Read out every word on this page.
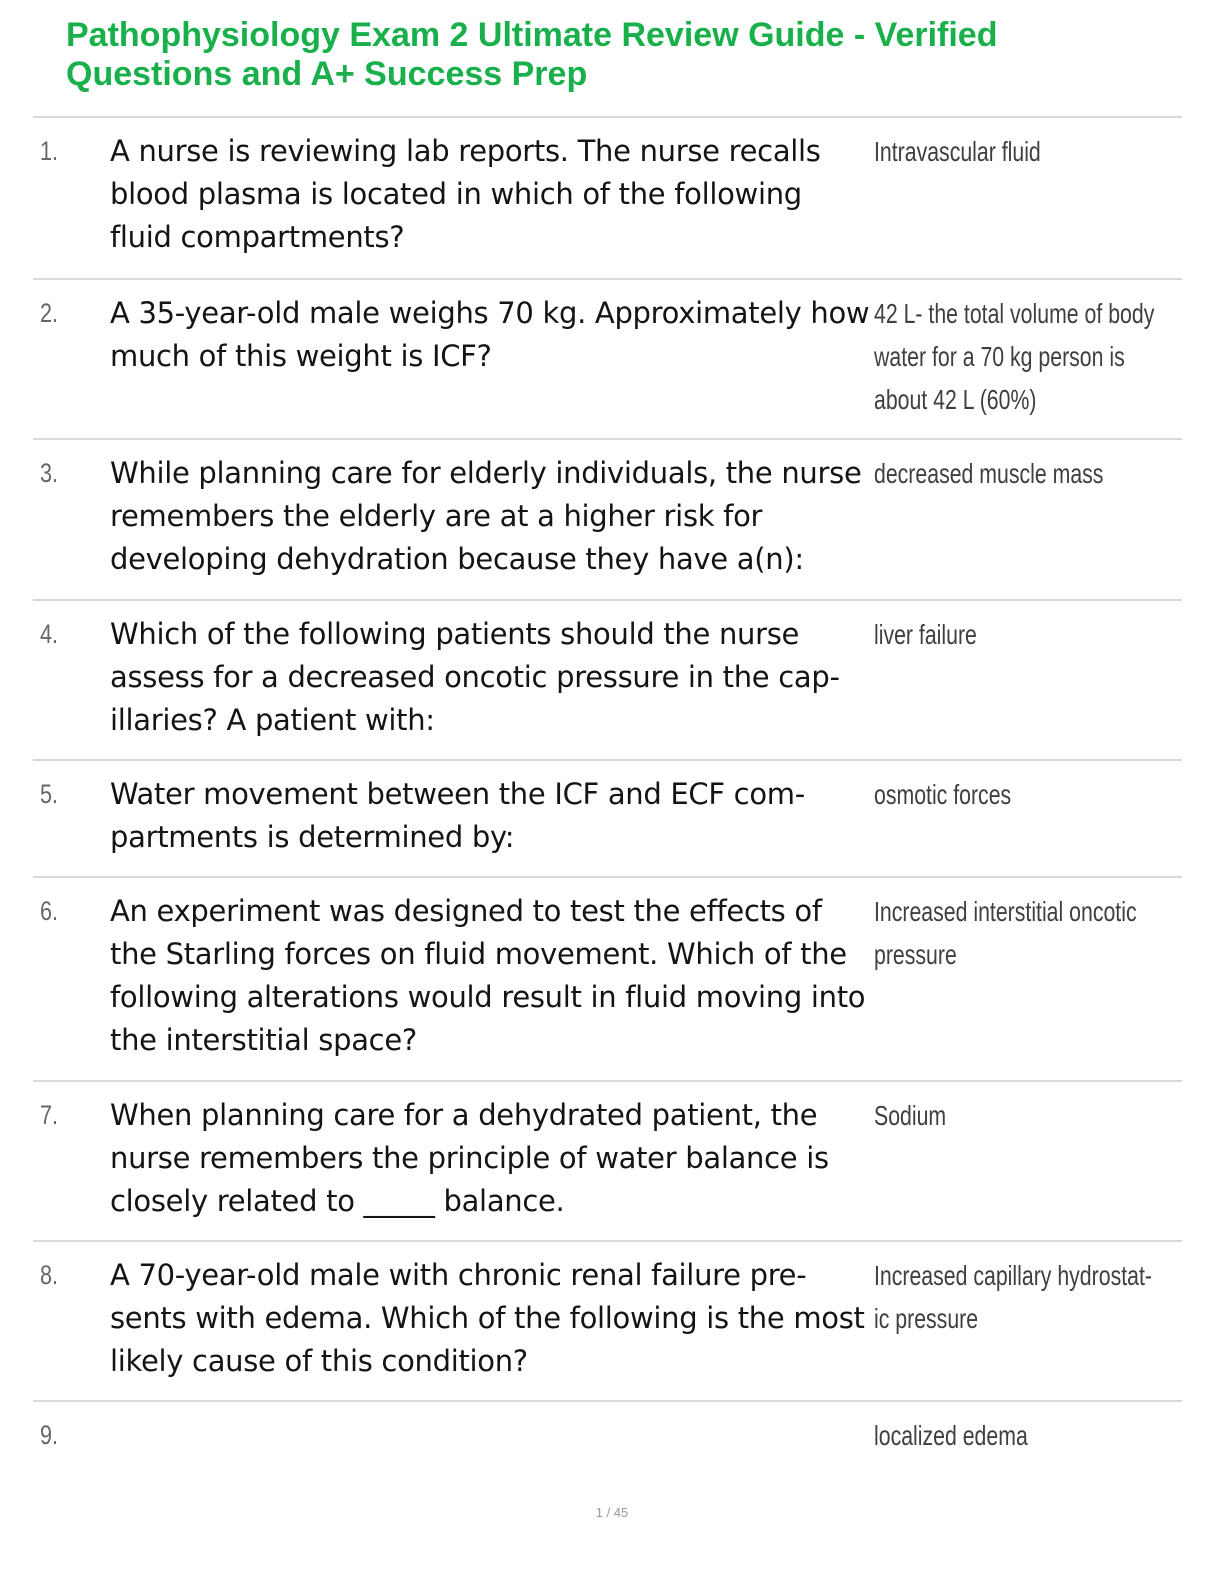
Pathophysiology Exam 2 Ultimate Review Guide - Verified Questions and A+ Success Prep
1. A nurse is reviewing lab reports. The nurse recalls blood plasma is located in which of the following fluid compartments?

Intravascular fluid

2. A 35-year-old male weighs 70 kg. Approximately how much of this weight is ICF?

42 L- the total volume of body water for a 70 kg person is about 42 L (60%)

3. While planning care for elderly individuals, the nurse remembers the elderly are at a higher risk for developing dehydration because they have a(n):

decreased muscle mass

4. Which of the following patients should the nurse assess for a decreased oncotic pressure in the cap- illaries? A patient with:

liver failure

5. Water movement between the ICF and ECF com- partments is determined by:

osmotic forces

6. An experiment was designed to test the effects of the Starling forces on fluid movement. Which of the following alterations would result in fluid moving into the interstitial space?

Increased interstitial oncotic pressure

7. When planning care for a dehydrated patient, the nurse remembers the principle of water balance is closely related to _____ balance.

Sodium

8. A 70-year-old male with chronic renal failure pre- sents with edema. Which of the following is the most likely cause of this condition?

Increased capillary hydrostat- ic pressure

9.	localized edema

1 / 45
